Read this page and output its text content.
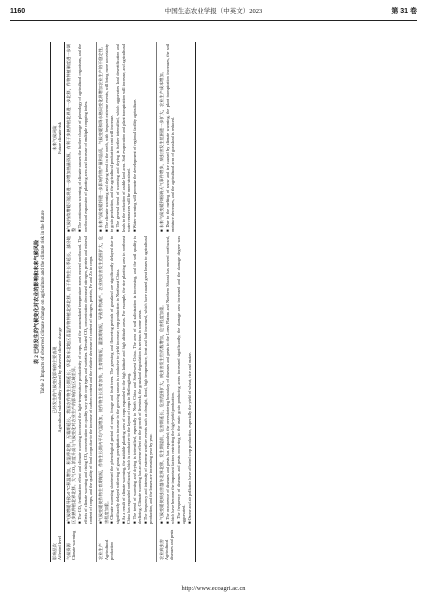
1160	中国生态农业学报（中英文）2023	第 31 卷
表 2 已经发生的气候变化对农业的影响和未来气候风险 Table 2 Impacts of observed climate change on agriculture and the climate risk in the future
影响层次 Affected level
已经发生的气候变化影响的主要表现 Agricultural vulnerability induced by observed climate change
未来气候风险 Future climate risk
气候资源 Climate warming

■气候增暖导致≥0 ℃积温增加，积温带北移，无霜期延长，我国农作物生长期延长；华北和东北地区喜温作物种植北界北移。由于作物生长季延长，部分地区多熟种植北界北移。大气 CO₂ 浓度升高与气候变化对农业生产的影响存在区域差异。 ■ The CO₂ fertilization effect and climate warming increased the light-temperature productivity of crops, and the accumulated temperature zones moved northward. The effects of climate warming and rising CO₂ concentration on quality vary with crop types and varieties. Elevated CO₂ concentration decreased nitrogen, protein and mineral content of crops, and the quality of food crops due to the increase of carbon content and the relative decrease of content of nitrogen, protein, Fe and Zn in crops.

■气候持续增暖可能将进一步增加热量资源，有利于多熟种植北界进一步北移，作物种植制度进一步调整 ■ The continuous warming of climate causes the further change of phenology of agricultural organisms, and the northward expansion of planting area and increase of multiple cropping index.

农业生产 Agricultural production

■气候变暖使作物生育期缩短，作物生长期内平均气温增加，使作物生长发育加快，生育期缩短，灌浆期缩短，导致作物减产。农业病虫害发生范围扩大，危害程度加重。 ■ Climate warming shortened the phenological period of crops, forage and fruit trees. The growing and flowering periods of grassland are significantly delayed due to significantly delayed withering of grass; precipitation increase in the growing season is conducive to yield increase; crop production in Northeast China. ■ As a result of climate warming, the suitable planting area of crops expanded to the high latitude and high altitude areas. For example, the rice planting area in northeast China has expanded northward, which is conducive to the layout of crops in Heilongjiang. ■ The trend of warming and drying is intensified, especially in North China and Southwest China. The area of soil salinization is increasing, and the soil quality is declining. Climate warming has an adverse effect on the growth of livestock; the grassland degradation is serious in some areas. ■ The frequency and intensity of extreme weather events such as drought, flood, high temperature, frost and hail increased, which have caused great losses to agricultural production, and the losses are increasing year by year.

■ 未来气候变暖将进一步影响作物产量和品质，气候变暖和降水格局变化将增加农业生产的不稳定性。 ■ The climate warming and drying trend in the north, with frequent extreme events, will bring more uncertainty to grain production, and the agricultural production cost will increase. ■ The general trend of warming and drying is further intensified, which aggravates land desertification and leads to the reduction of arable land area. Soil evaporation and plant transpiration will increase, and agricultural water resources will be more strained. ■ Water warming will promote the development of regional facility agriculture.

农业病虫害 Agricultural diseases and pests

■ 气候变暖使病虫害越冬北界北移，发生期提前，危害期延长，危害范围扩大，病虫害发生世代数增加，危害程度加重。 ■ The occurrence of diseases and pests has expanded; the overwintering boundary of diseases and pests in the Loess Plateau and Northern Shanxi has moved northward, which have become the important factors restricting the high-yield production. ■ The frequency of diseases and pests occurring in the main grain producing areas increased significantly; the damage area increased and the damage degree was aggravated. ■ Ozone and air pollution have affected crop production, especially the yield of wheat, rice and maize.

■ 未来气候变暖和极端天气事件增多，病虫害发生范围进一步扩大，农业生产成本增加。 ■ Due to the melting of snow and ice caused by climate warming, the plant transpiration increases, the soil moisture decreases, and the agricultural area of grassland is reduced.

http://www.ecoagri.ac.cn
